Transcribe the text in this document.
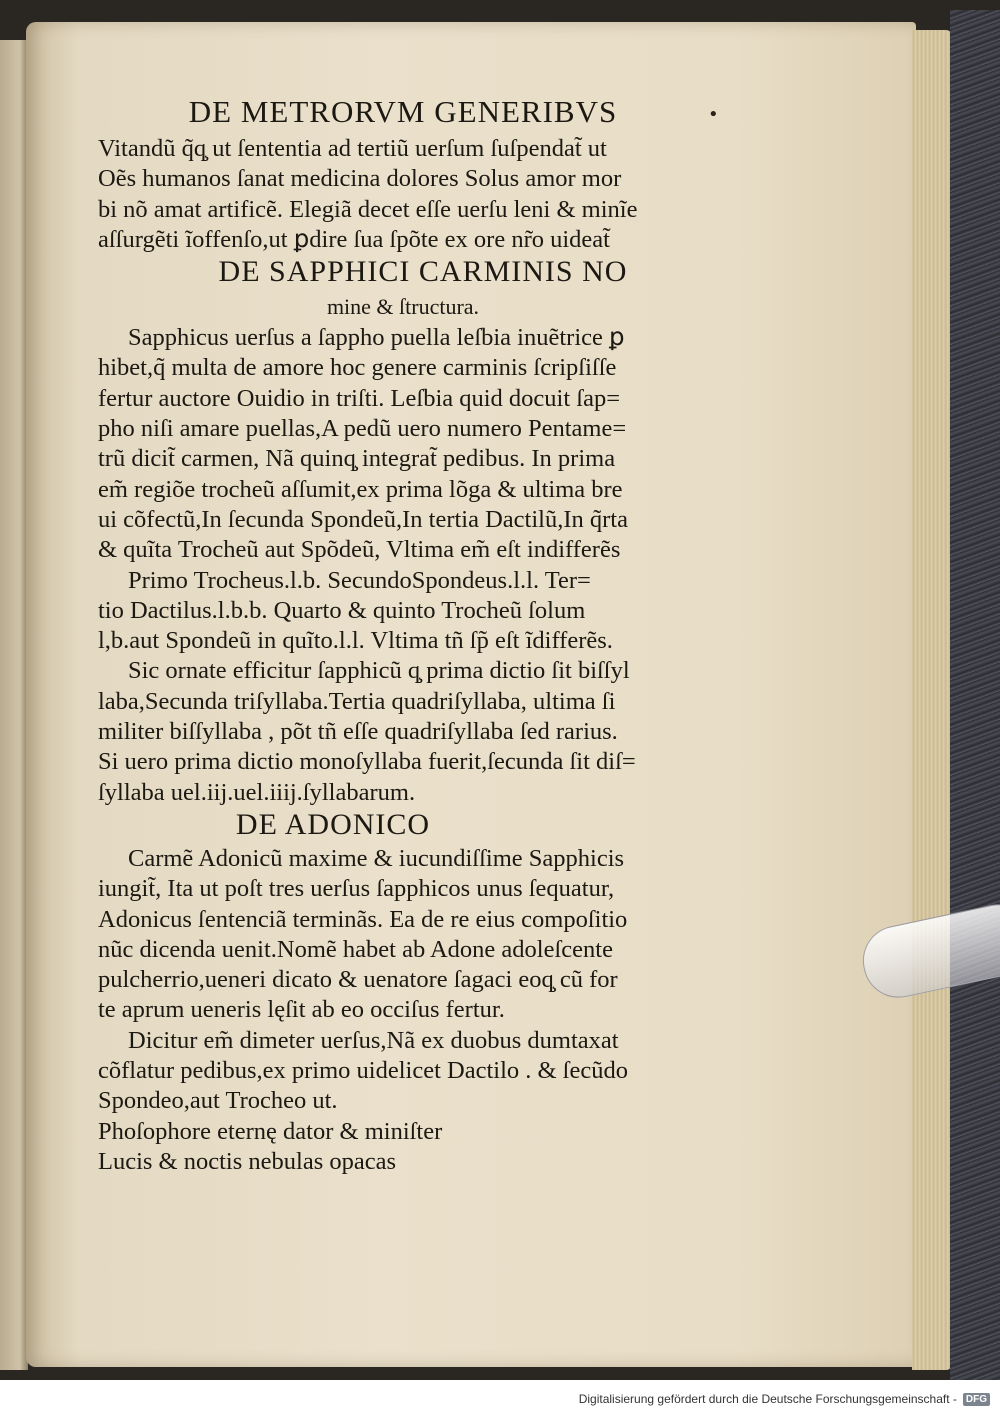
•

DE METRORVM GENERIBVS

Vitandũ q̃q̧ ut ſententia ad tertiũ uerſum ſuſpendat̃ ut

Oẽs humanos ſanat medicina dolores Solus amor mor

bi nõ amat artificẽ. Elegiã decet eſſe uerſu leni & minĩe

aſſurgẽti ĩoffenſo,ut ꝑdire ſua ſpõte ex ore nr̃o uideat̃

DE SAPPHICI CARMINIS NO

mine & ſtructura.

Sapphicus uerſus a ſappho puella leſbia inuẽtrice ꝑ

hibet,q̃ multa de amore hoc genere carminis ſcripſiſſe

fertur auctore Ouidio in triſti. Leſbia quid docuit ſap=

pho niſi amare puellas,A pedũ uero numero Pentame=

trũ dicit̃ carmen, Nã quinq̧ integrat̃ pedibus. In prima

em̃ regiõe trocheũ aſſumit,ex prima lõga & ultima bre

ui cõfectũ,In ſecunda Spondeũ,In tertia Dactilũ,In q̃rta

& quĩta Trocheũ aut Spõdeũ, Vltima em̃ eſt indifferẽs

Primo Trocheus.l.b. SecundoSpondeus.l.l. Ter=

tio Dactilus.l.b.b. Quarto & quinto Trocheũ ſolum

l,b.aut Spondeũ in quĩto.l.l. Vltima tñ ſp̃ eſt ĩdifferẽs.

Sic ornate efficitur ſapphicũ q̧ prima dictio ſit biſſyl

laba,Secunda triſyllaba.Tertia quadriſyllaba, ultima ſi

militer biſſyllaba , põt tñ eſſe quadriſyllaba ſed rarius.

Si uero prima dictio monoſyllaba fuerit,ſecunda ſit diſ=

ſyllaba uel.iij.uel.iiij.ſyllabarum.

DE ADONICO

Carmẽ Adonicũ maxime & iucundiſſime Sapphicis

iungit̃, Ita ut poſt tres uerſus ſapphicos unus ſequatur,

Adonicus ſentenciã terminãs. Ea de re eius compoſitio

nũc dicenda uenit.Nomẽ habet ab Adone adoleſcente

pulcherrio,ueneri dicato & uenatore ſagaci eoq̧ cũ for

te aprum ueneris lęſit ab eo occiſus fertur.

Dicitur em̃ dimeter uerſus,Nã ex duobus dumtaxat

cõflatur pedibus,ex primo uidelicet Dactilo . & ſecũdo

Spondeo,aut Trocheo ut.

Phoſophore eternę dator & miniſter

Lucis & noctis nebulas opacas

Digitalisierung gefördert durch die Deutsche Forschungsgemeinschaft - DFG
